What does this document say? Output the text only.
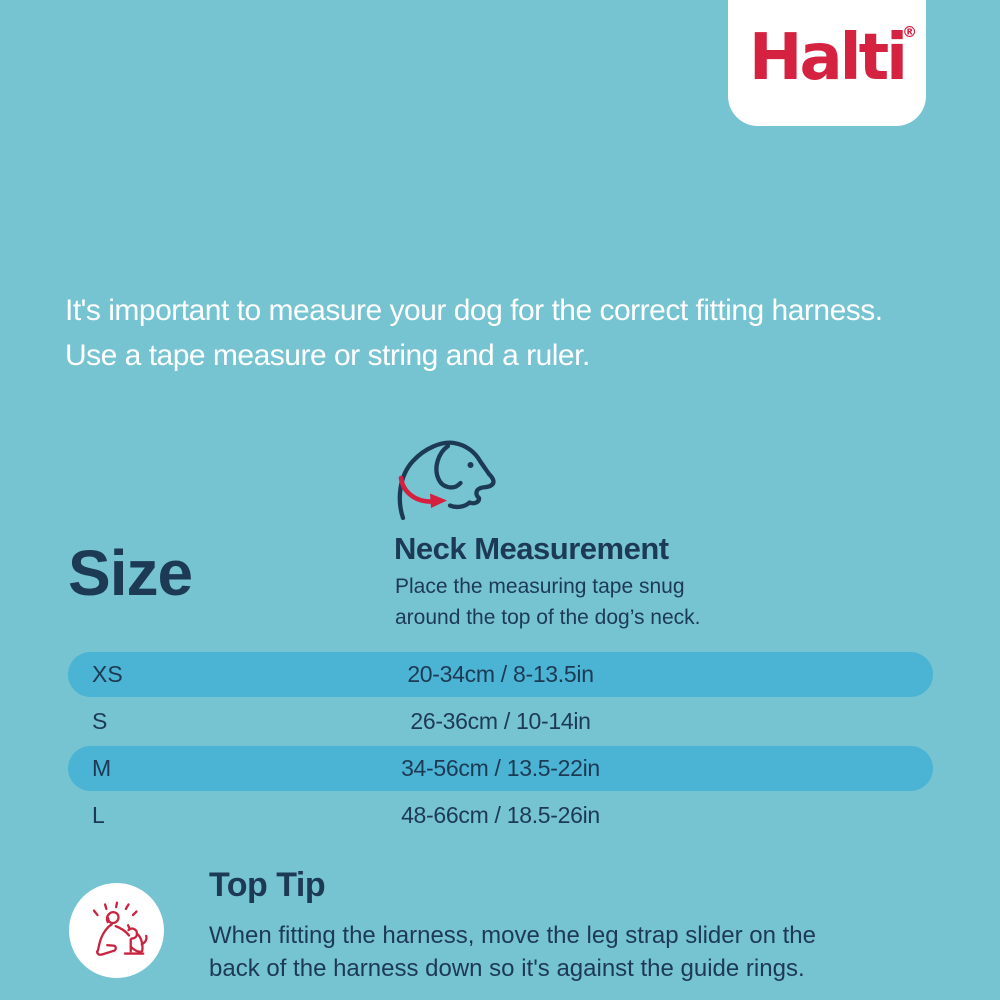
Halti
®
It's important to measure your dog for the correct fitting harness.
Use a tape measure or string and a ruler.
Neck Measurement
Place the measuring tape snug
around the top of the dog’s neck.
Size
XS	20-34cm / 8-13.5in
S	26-36cm / 10-14in
M	34-56cm / 13.5-22in
L	48-66cm / 18.5-26in
Top Tip
When fitting the harness, move the leg strap slider on the
back of the harness down so it's against the guide rings.
